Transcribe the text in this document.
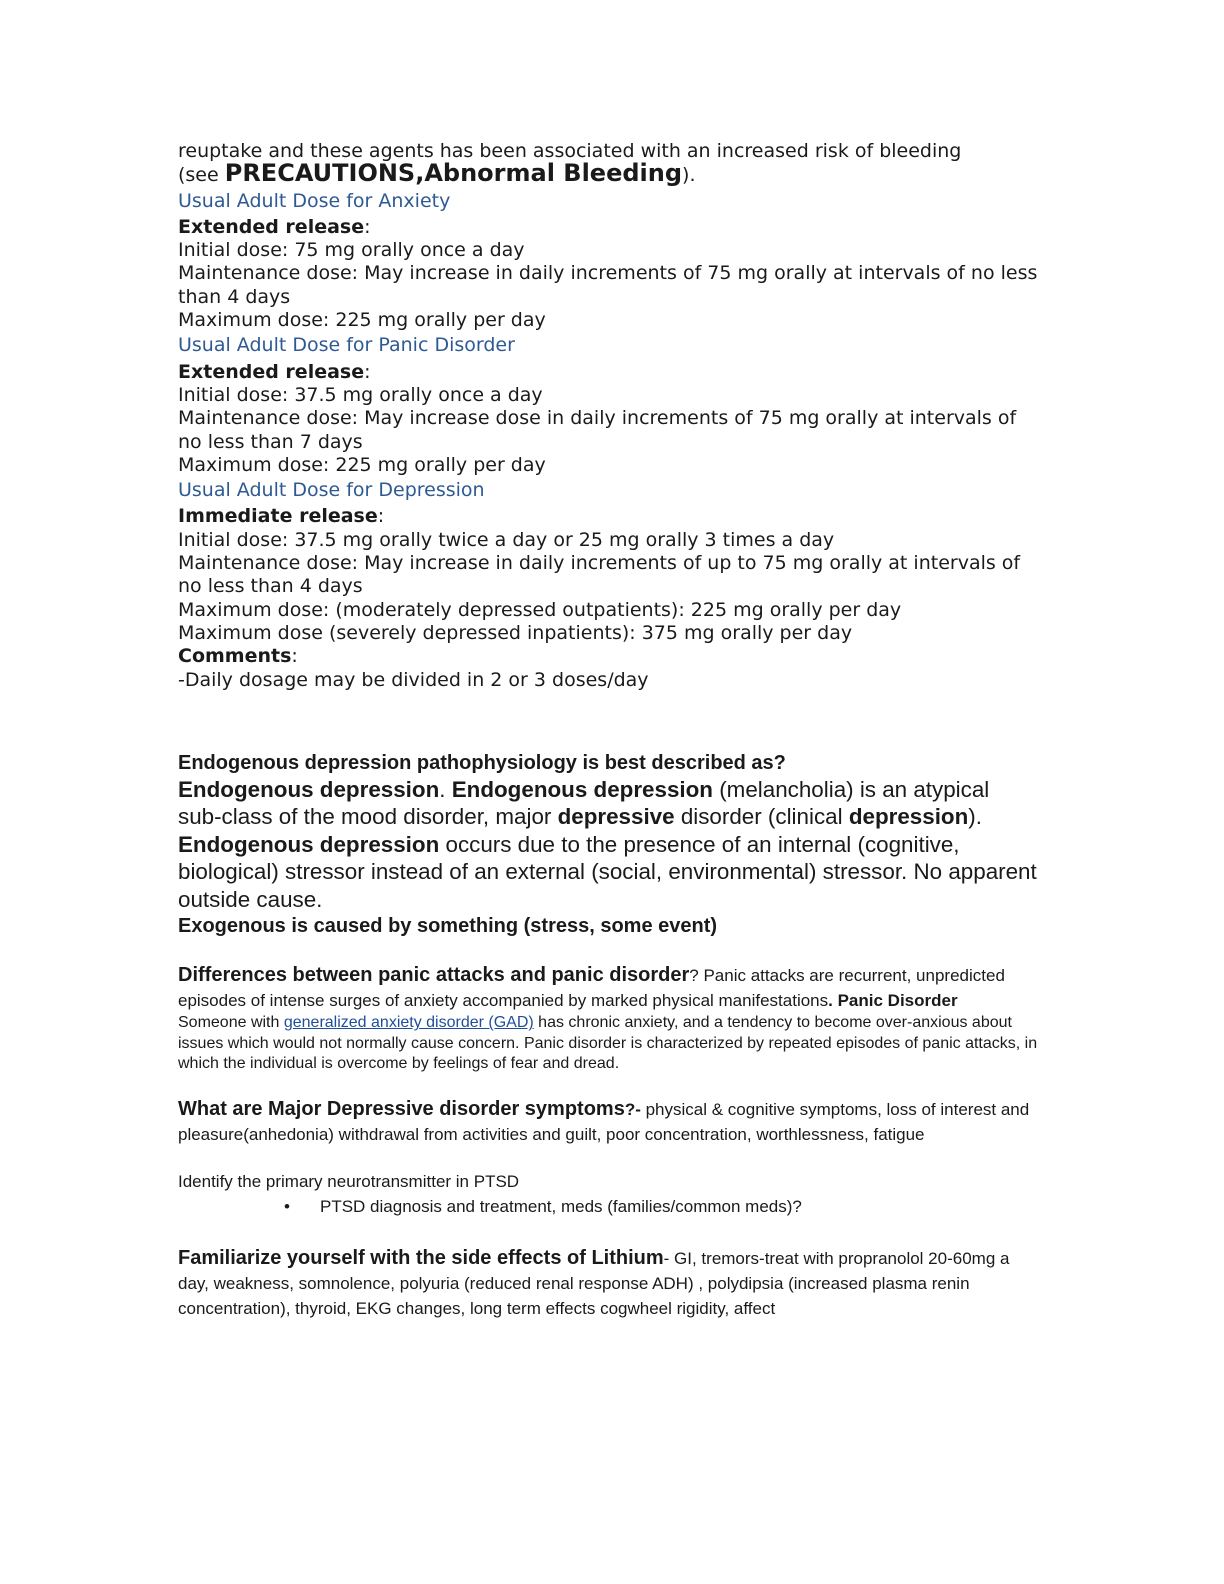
reuptake and these agents has been associated with an increased risk of bleeding

(see PRECAUTIONS,Abnormal Bleeding).

Usual Adult Dose for Anxiety

Extended release:

Initial dose: 75 mg orally once a day

Maintenance dose: May increase in daily increments of 75 mg orally at intervals of no less than 4 days

Maximum dose: 225 mg orally per day

Usual Adult Dose for Panic Disorder

Extended release:

Initial dose: 37.5 mg orally once a day

Maintenance dose: May increase dose in daily increments of 75 mg orally at intervals of no less than 7 days

Maximum dose: 225 mg orally per day

Usual Adult Dose for Depression

Immediate release:

Initial dose: 37.5 mg orally twice a day or 25 mg orally 3 times a day

Maintenance dose: May increase in daily increments of up to 75 mg orally at intervals of no less than 4 days

Maximum dose: (moderately depressed outpatients): 225 mg orally per day

Maximum dose (severely depressed inpatients): 375 mg orally per day

Comments:

-Daily dosage may be divided in 2 or 3 doses/day

Endogenous depression pathophysiology is best described as?

Endogenous depression. Endogenous depression (melancholia) is an atypical sub-class of the mood disorder, major depressive disorder (clinical depression). Endogenous depression occurs due to the presence of an internal (cognitive, biological) stressor instead of an external (social, environmental) stressor. No apparent outside cause.

Exogenous is caused by something (stress, some event)

Differences between panic attacks and panic disorder? Panic attacks are recurrent, unpredicted episodes of intense surges of anxiety accompanied by marked physical manifestations. Panic Disorder

Someone with generalized anxiety disorder (GAD) has chronic anxiety, and a tendency to become over-anxious about issues which would not normally cause concern. Panic disorder is characterized by repeated episodes of panic attacks, in which the individual is overcome by feelings of fear and dread.

What are Major Depressive disorder symptoms?- physical & cognitive symptoms, loss of interest and pleasure(anhedonia) withdrawal from activities and guilt, poor concentration, worthlessness, fatigue

Identify the primary neurotransmitter in PTSD

• PTSD diagnosis and treatment, meds (families/common meds)?

Familiarize yourself with the side effects of Lithium- GI, tremors-treat with propranolol 20-60mg a day, weakness, somnolence, polyuria (reduced renal response ADH) , polydipsia (increased plasma renin concentration), thyroid, EKG changes, long term effects cogwheel rigidity, affect
